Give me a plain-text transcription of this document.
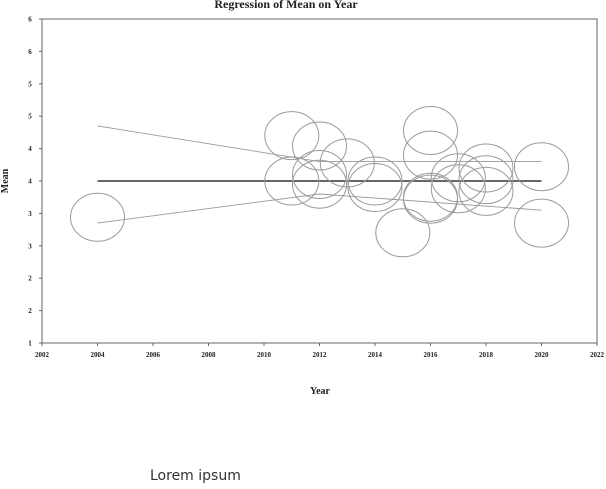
Regression of Mean on Year
2002	2004	2006	2008	2010	2012	2014	2016	2018	2020	2022
1
2
2
3
3
4
4
5
5
6
6
Year
Mean
Lorem ipsum
